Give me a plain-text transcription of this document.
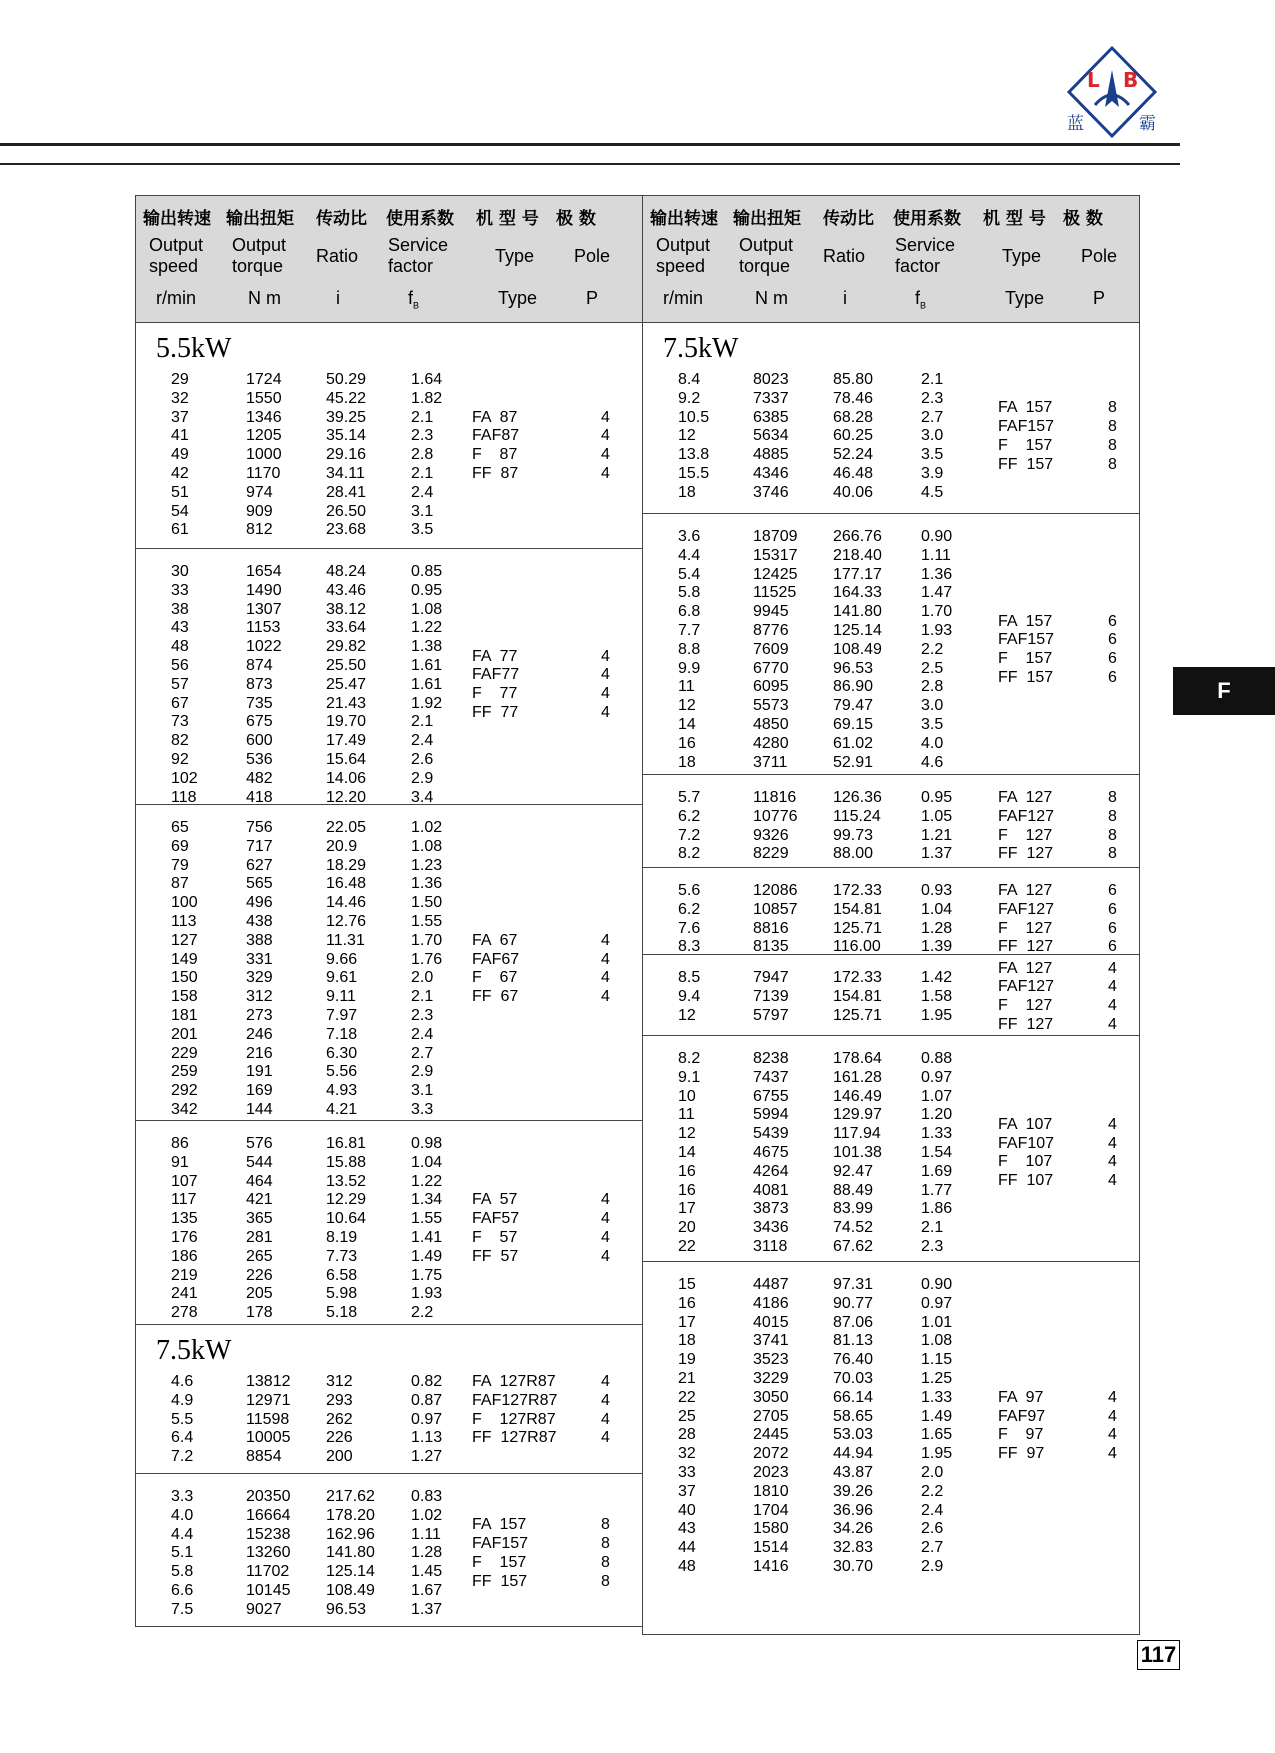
L B
蓝	霸
F
117
输出转速 输出扭矩 传动比 使用系数 机 型 号 极 数
Output speed
Output torque	Ratio
Service factor	Type	Pole
r/min	N m	i	$f_B$	Type	P
5.5kW
29	1724	50.29	1.64
32	1550	45.22	1.82
37	1346	39.25	2.1
41	1205	35.14	2.3
49	1000	29.16	2.8
42	1170	34.11	2.1
51	974	28.41	2.4
54	909	26.50	3.1
61	812	23.68	3.5
FA  87	4
FAF87	4
F    87	4
FF  87	4
30	1654	48.24	0.85
33	1490	43.46	0.95
38	1307	38.12	1.08
43	1153	33.64	1.22
48	1022	29.82	1.38
56	874	25.50	1.61
57	873	25.47	1.61
67	735	21.43	1.92
73	675	19.70	2.1
82	600	17.49	2.4
92	536	15.64	2.6
102	482	14.06	2.9
118	418	12.20	3.4
FA  77	4
FAF77	4
F    77	4
FF  77	4
65	756	22.05	1.02
69	717	20.9	1.08
79	627	18.29	1.23
87	565	16.48	1.36
100	496	14.46	1.50
113	438	12.76	1.55
127	388	11.31	1.70
149	331	9.66	1.76
150	329	9.61	2.0
158	312	9.11	2.1
181	273	7.97	2.3
201	246	7.18	2.4
229	216	6.30	2.7
259	191	5.56	2.9
292	169	4.93	3.1
342	144	4.21	3.3
FA  67	4
FAF67	4
F    67	4
FF  67	4
86	576	16.81	0.98
91	544	15.88	1.04
107	464	13.52	1.22
117	421	12.29	1.34
135	365	10.64	1.55
176	281	8.19	1.41
186	265	7.73	1.49
219	226	6.58	1.75
241	205	5.98	1.93
278	178	5.18	2.2
FA  57	4
FAF57	4
F    57	4
FF  57	4
7.5kW
4.6	13812 312	0.82
4.9	12971 293	0.87
5.5	11598 262	0.97
6.4	10005 226	1.13
7.2	8854	200	1.27
FA  127R87	4
FAF127R87	4
F    127R87	4
FF  127R87	4
3.3	20350 217.62 0.83
4.0	16664 178.20 1.02
4.4	15238 162.96 1.11
5.1	13260 141.80 1.28
5.8	11702 125.14 1.45
6.6	10145 108.49 1.67
7.5	9027	96.53	1.37
FA  157	8
FAF157	8
F    157	8
FF  157	8
输出转速 输出扭矩 传动比 使用系数 机 型 号 极 数
Output speed
Output torque	Ratio
Service factor	Type	Pole
r/min	N m	i	$f_B$	Type	P
7.5kW
8.4	8023	85.80	2.1
9.2	7337	78.46	2.3
10.5	6385	68.28	2.7
12	5634	60.25	3.0
13.8	4885	52.24	3.5
15.5	4346	46.48	3.9
18	3746	40.06	4.5
FA  157	8
FAF157	8
F    157	8
FF  157	8
3.6	18709 266.76 0.90
4.4	15317 218.40 1.11
5.4	12425 177.17 1.36
5.8	11525 164.33 1.47
6.8	9945	141.80 1.70
7.7	8776	125.14 1.93
8.8	7609	108.49 2.2
9.9	6770	96.53	2.5
11	6095	86.90	2.8
12	5573	79.47	3.0
14	4850	69.15	3.5
16	4280	61.02	4.0
18	3711	52.91	4.6
FA  157	6
FAF157	6
F    157	6
FF  157	6
5.7	11816 126.36 0.95
6.2	10776 115.24	1.05
7.2	9326	99.73	1.21
8.2	8229	88.00	1.37
FA  127	8
FAF127	8
F    127	8
FF  127	8
5.6	12086 172.33 0.93
6.2	10857 154.81 1.04
7.6	8816	125.71 1.28
8.3	8135	116.00	1.39
FA  127	6
FAF127	6
F    127	6
FF  127	6
8.5	7947	172.33 1.42
9.4	7139	154.81 1.58
12	5797	125.71 1.95
FA  127	4
FAF127	4
F    127	4
FF  127	4
8.2	8238	178.64 0.88
9.1	7437	161.28 0.97
10	6755	146.49 1.07
11	5994	129.97 1.20
12	5439	117.94	1.33
14	4675	101.38 1.54
16	4264	92.47	1.69
16	4081	88.49	1.77
17	3873	83.99	1.86
20	3436	74.52	2.1
22	3118	67.62	2.3
FA  107	4
FAF107	4
F    107	4
FF  107	4
15	4487	97.31	0.90
16	4186	90.77	0.97
17	4015	87.06	1.01
18	3741	81.13	1.08
19	3523	76.40	1.15
21	3229	70.03	1.25
22	3050	66.14	1.33
25	2705	58.65	1.49
28	2445	53.03	1.65
32	2072	44.94	1.95
33	2023	43.87	2.0
37	1810	39.26	2.2
40	1704	36.96	2.4
43	1580	34.26	2.6
44	1514	32.83	2.7
48	1416	30.70	2.9
FA  97	4
FAF97	4
F    97	4
FF  97	4
